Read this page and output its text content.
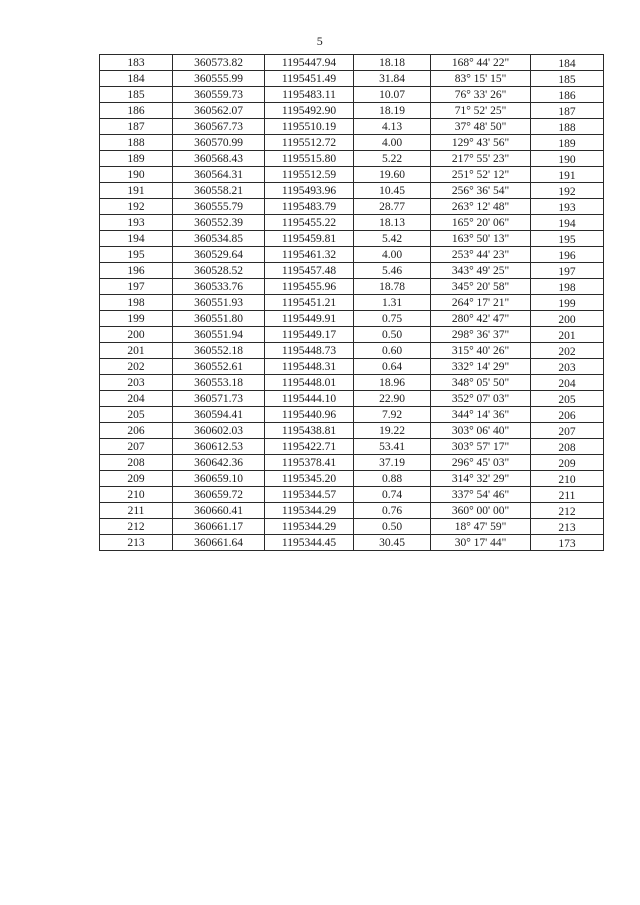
5
183	360573.82	1195447.94	18.18	168° 44' 22"	184
184	360555.99	1195451.49	31.84	83° 15' 15"	185
185	360559.73	1195483.11	10.07	76° 33' 26"	186
186	360562.07	1195492.90	18.19	71° 52' 25"	187
187	360567.73	1195510.19	4.13	37° 48' 50"	188
188	360570.99	1195512.72	4.00	129° 43' 56"	189
189	360568.43	1195515.80	5.22	217° 55' 23"	190
190	360564.31	1195512.59	19.60	251° 52' 12"	191
191	360558.21	1195493.96	10.45	256° 36' 54"	192
192	360555.79	1195483.79	28.77	263° 12' 48"	193
193	360552.39	1195455.22	18.13	165° 20' 06"	194
194	360534.85	1195459.81	5.42	163° 50' 13"	195
195	360529.64	1195461.32	4.00	253° 44' 23"	196
196	360528.52	1195457.48	5.46	343° 49' 25"	197
197	360533.76	1195455.96	18.78	345° 20' 58"	198
198	360551.93	1195451.21	1.31	264° 17' 21"	199
199	360551.80	1195449.91	0.75	280° 42' 47"	200
200	360551.94	1195449.17	0.50	298° 36' 37"	201
201	360552.18	1195448.73	0.60	315° 40' 26"	202
202	360552.61	1195448.31	0.64	332° 14' 29"	203
203	360553.18	1195448.01	18.96	348° 05' 50"	204
204	360571.73	1195444.10	22.90	352° 07' 03"	205
205	360594.41	1195440.96	7.92	344° 14' 36"	206
206	360602.03	1195438.81	19.22	303° 06' 40"	207
207	360612.53	1195422.71	53.41	303° 57' 17"	208
208	360642.36	1195378.41	37.19	296° 45' 03"	209
209	360659.10	1195345.20	0.88	314° 32' 29"	210
210	360659.72	1195344.57	0.74	337° 54' 46"	211
211	360660.41	1195344.29	0.76	360° 00' 00"	212
212	360661.17	1195344.29	0.50	18° 47' 59"	213
213	360661.64	1195344.45	30.45	30° 17' 44"	173
